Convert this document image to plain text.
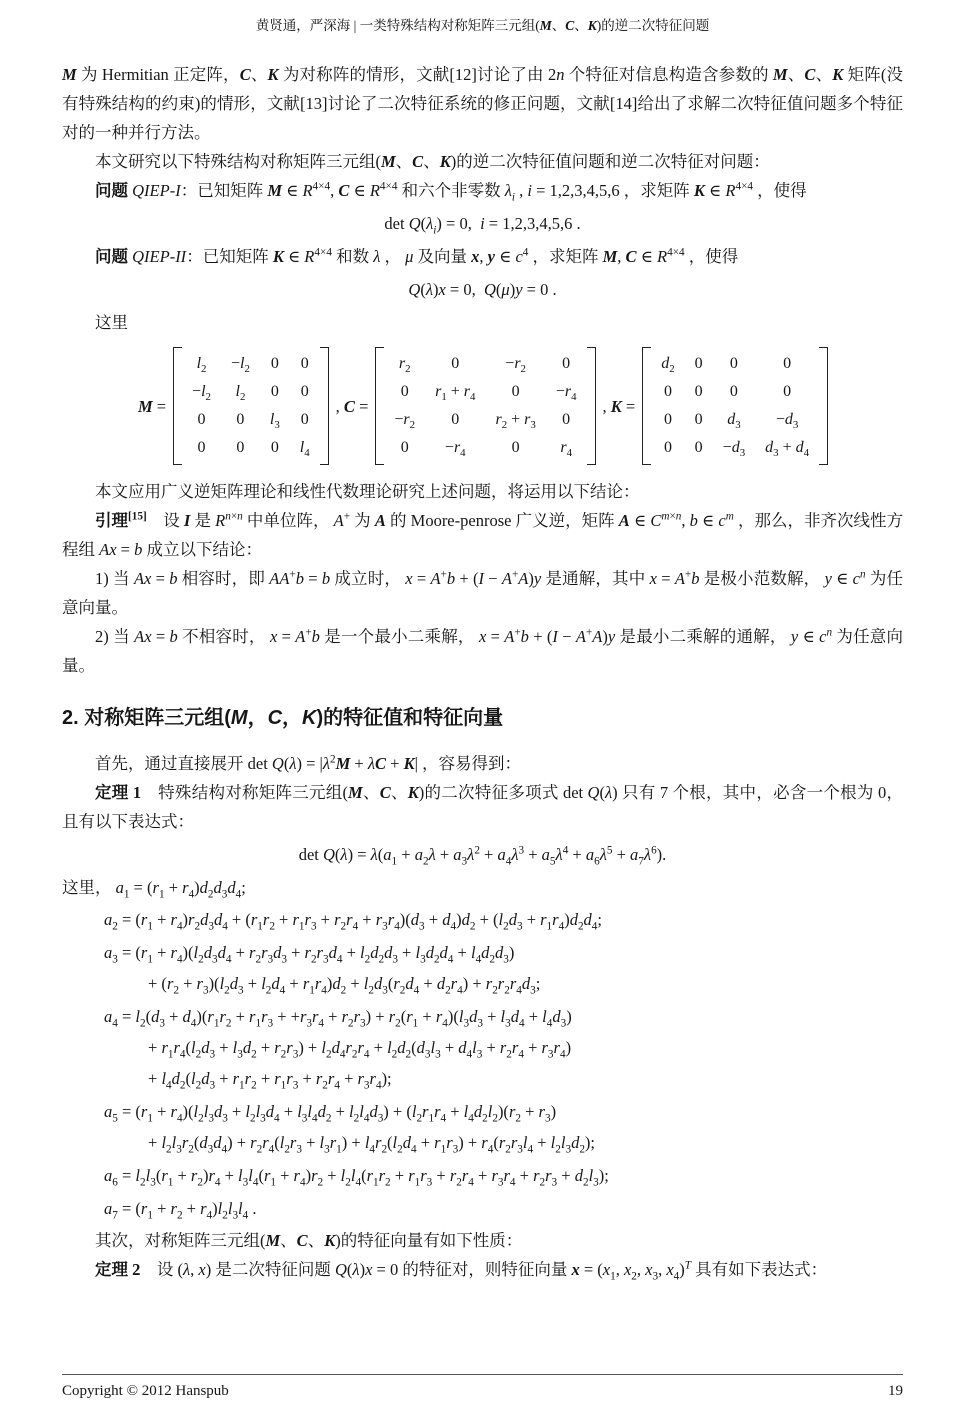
黄贤通，严深海 | 一类特殊结构对称矩阵三元组(M、C、K)的逆二次特征问题

M 为 Hermitian 正定阵，C、K 为对称阵的情形，文献[12]讨论了由 2n 个特征对信息构造含参数的 M、C、K 矩阵(没有特殊结构的约束)的情形，文献[13]讨论了二次特征系统的修正问题，文献[14]给出了求解二次特征值问题多个特征对的一种并行方法。

本文研究以下特殊结构对称矩阵三元组(M、C、K)的逆二次特征值问题和逆二次特征对问题：

问题 QIEP-I：已知矩阵 M ∈ $R^{4\times 4}$, C ∈ $R^{4\times 4}$ 和六个非零数 $\lambda_i$ , i = 1,2,3,4,5,6 ，求矩阵 K ∈ $R^{4\times 4}$ ，使得

$\det Q(\lambda_i) = 0$,  i = 1,2,3,4,5,6 .

问题 QIEP-II：已知矩阵 K ∈ $R^{4\times 4}$ 和数 λ ， μ 及向量 x, y ∈ $c^4$ ，求矩阵 M, C ∈ $R^{4\times 4}$ ，使得

Q(λ)x = 0,  Q(μ)y = 0 .

这里

M =
$l_2$	$-l_2$	0	0
$-l_2$	$l_2$	0	0
0	0	$l_3$	0
0	0	0	$l_4$
, C =
$r_2$	0	$-r_2$	0
0	$r_1 + r_4$	0	$-r_4$
$-r_2$	0	$r_2 + r_3$	0
0	$-r_4$	0	$r_4$
, K =
$d_2$	0	0	0
0	0	0	0
0	0	$d_3$	$-d_3$
0	0	$-d_3$	$d_3 + d_4$

本文应用广义逆矩阵理论和线性代数理论研究上述问题，将运用以下结论：

引理[15]　设 I 是 $R^{n\times n}$ 中单位阵， A+ 为 A 的 Moore-penrose 广义逆，矩阵 A ∈ $C^{m\times n}$, b ∈ $c^m$ ，那么，非齐次线性方程组 Ax = b 成立以下结论：

1) 当 Ax = b 相容时，即 AA+b = b 成立时， x = A+b + (I − A+A)y 是通解，其中 x = A+b 是极小范数解， y ∈ $c^n$ 为任意向量。

2) 当 Ax = b 不相容时， x = A+b 是一个最小二乘解， x = A+b + (I − A+A)y 是最小二乘解的通解， y ∈ $c^n$ 为任意向量。

2. 对称矩阵三元组(M，C，K)的特征值和特征向量

首先，通过直接展开 $\det Q(\lambda) = |\lambda^2M + \lambda C + K|$ ，容易得到：

定理 1　特殊结构对称矩阵三元组(M、C、K)的二次特征多项式 det Q(λ) 只有 7 个根，其中，必含一个根为 0，且有以下表达式：

$\det Q(\lambda) = \lambda(a_1 + a_2\lambda + a_3\lambda^2 + a_4\lambda^3 + a_5\lambda^4 + a_6\lambda^5 + a_7\lambda^6)$.

这里， $a_1 = (r_1 + r_4)d_2d_3d_4$;

$a_2 = (r_1 + r_4)r_2d_3d_4 + (r_1r_2 + r_1r_3 + r_2r_4 + r_3r_4)(d_3 + d_4)d_2 + (l_2d_3 + r_1r_4)d_2d_4$;
$a_3 = (r_1 + r_4)(l_2d_3d_4 + r_2r_3d_3 + r_2r_3d_4 + l_2d_2d_3 + l_3d_2d_4 + l_4d_2d_3)$
+ $(r_2 + r_3)(l_2d_3 + l_2d_4 + r_1r_4)d_2 + l_2d_3(r_2d_4 + d_2r_4) + r_2r_2r_4d_3$;
$a_4 = l_2(d_3 + d_4)(r_1r_2 + r_1r_3 + +r_3r_4 + r_2r_3) + r_2(r_1 + r_4)(l_3d_3 + l_3d_4 + l_4d_3)$
+ $r_1r_4(l_2d_3 + l_3d_2 + r_2r_3) + l_2d_4r_2r_4 + l_2d_2(d_3l_3 + d_4l_3 + r_2r_4 + r_3r_4)$
+ $l_4d_2(l_2d_3 + r_1r_2 + r_1r_3 + r_2r_4 + r_3r_4)$;
$a_5 = (r_1 + r_4)(l_2l_3d_3 + l_2l_3d_4 + l_3l_4d_2 + l_2l_4d_3) + (l_2r_1r_4 + l_4d_2l_2)(r_2 + r_3)$
+ $l_2l_3r_2(d_3d_4) + r_2r_4(l_2r_3 + l_3r_1) + l_4r_2(l_2d_4 + r_1r_3) + r_4(r_2r_3l_4 + l_2l_3d_2)$;
$a_6 = l_2l_3(r_1 + r_2)r_4 + l_3l_4(r_1 + r_4)r_2 + l_2l_4(r_1r_2 + r_1r_3 + r_2r_4 + r_3r_4 + r_2r_3 + d_2l_3)$;
$a_7 = (r_1 + r_2 + r_4)l_2l_3l_4$ .

其次，对称矩阵三元组(M、C、K)的特征向量有如下性质：

定理 2　设 (λ, x) 是二次特征问题 Q(λ)x = 0 的特征对，则特征向量 $x = (x_1$, $x_2$, $x_3$, $x_4)^T$ 具有如下表达式：

Copyright © 2012 Hanspub	19
